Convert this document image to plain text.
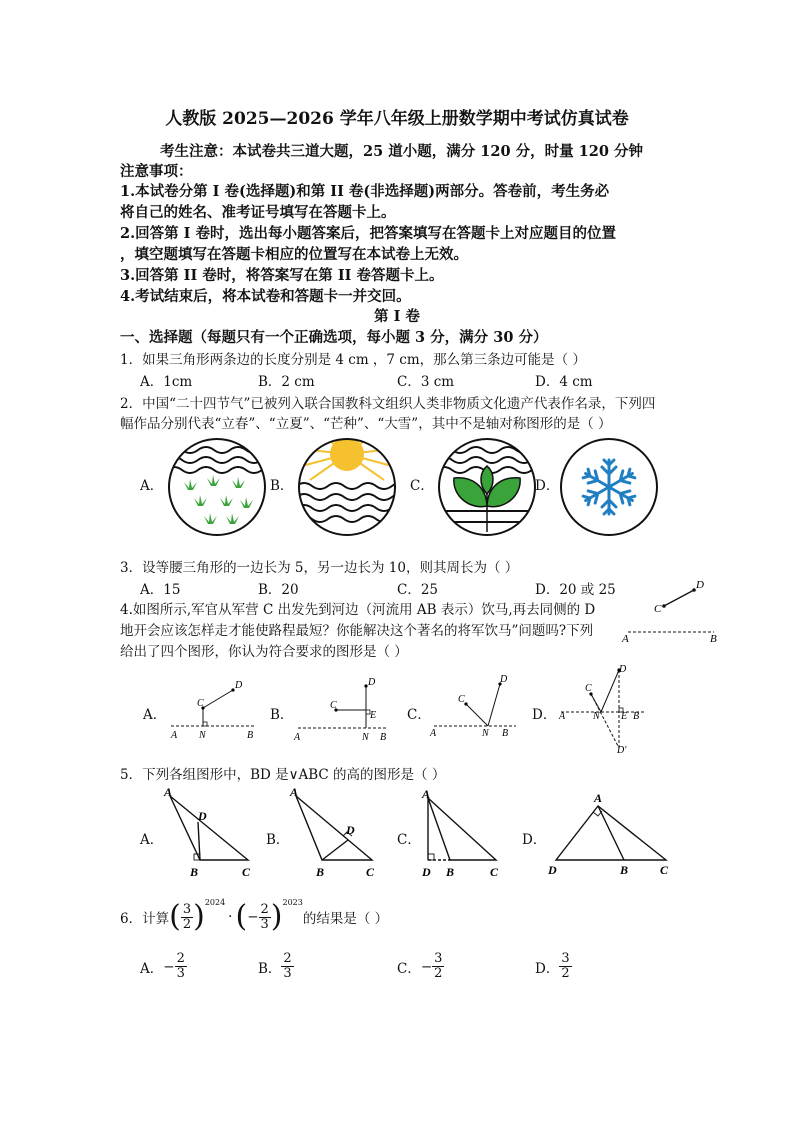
人教版 2025—2026 学年八年级上册数学期中考试仿真试卷
考生注意：本试卷共三道大题，25 道小题，满分 120 分，时量 120 分钟
注意事项：
1.本试卷分第 I 卷(选择题)和第 II 卷(非选择题)两部分。答卷前，考生务必
将自己的姓名、准考证号填写在答题卡上。
2.回答第 I 卷时，选出每小题答案后，把答案填写在答题卡上对应题目的位置
，填空题填写在答题卡相应的位置写在本试卷上无效。
3.回答第 II 卷时，将答案写在第 II 卷答题卡上。
4.考试结束后，将本试卷和答题卡一并交回。
第 I 卷
一、选择题（每题只有一个正确选项，每小题 3 分，满分 30 分）
1．如果三角形两条边的长度分别是 4 cm ，7 cm，那么第三条边可能是（ ）
A．1cm	B．2 cm	C．3 cm	D．4 cm
2．中国“二十四节气”已被列入联合国教科文组织人类非物质文化遗产代表作名录，下列四
幅作品分别代表“立春”、“立夏”、“芒种”、“大雪”，其中不是轴对称图形的是（ ）
A．	B．	C．	D．
3．设等腰三角形的一边长为 5，另一边长为 10，则其周长为（ ）
A．15	B．20	C．25	D．20 或 25
4.如图所示,军官从军营 C 出发先到河边（河流用 AB 表示）饮马,再去同侧的 D
地开会应该怎样走才能使路程最短？你能解决这个著名的将军饮马”问题吗?下列
给出了四个图形，你认为符合要求的图形是（ ）
C
D
A	B
A．	B．	C．	D．
C
D
A N	B
C
D
E
A	N B
C
D
A	N B
C
D
E B
A	N
D′
5．下列各组图形中，BD 是∨ABC 的高的图形是（ ）
A．	B．	C．	D．
A
D
B	C
A
D
B	C
A
D B	C
A
D	B	C
6．计算 ( $\frac{3}{2} )^{2024}$
· ( − $\frac{2}{3} )^{2023}$
的结果是（ ）
A． − $\frac{2}{3}$	B． $\frac{2}{3}$	C． − $\frac{3}{2}$	D． $\frac{3}{2}$
